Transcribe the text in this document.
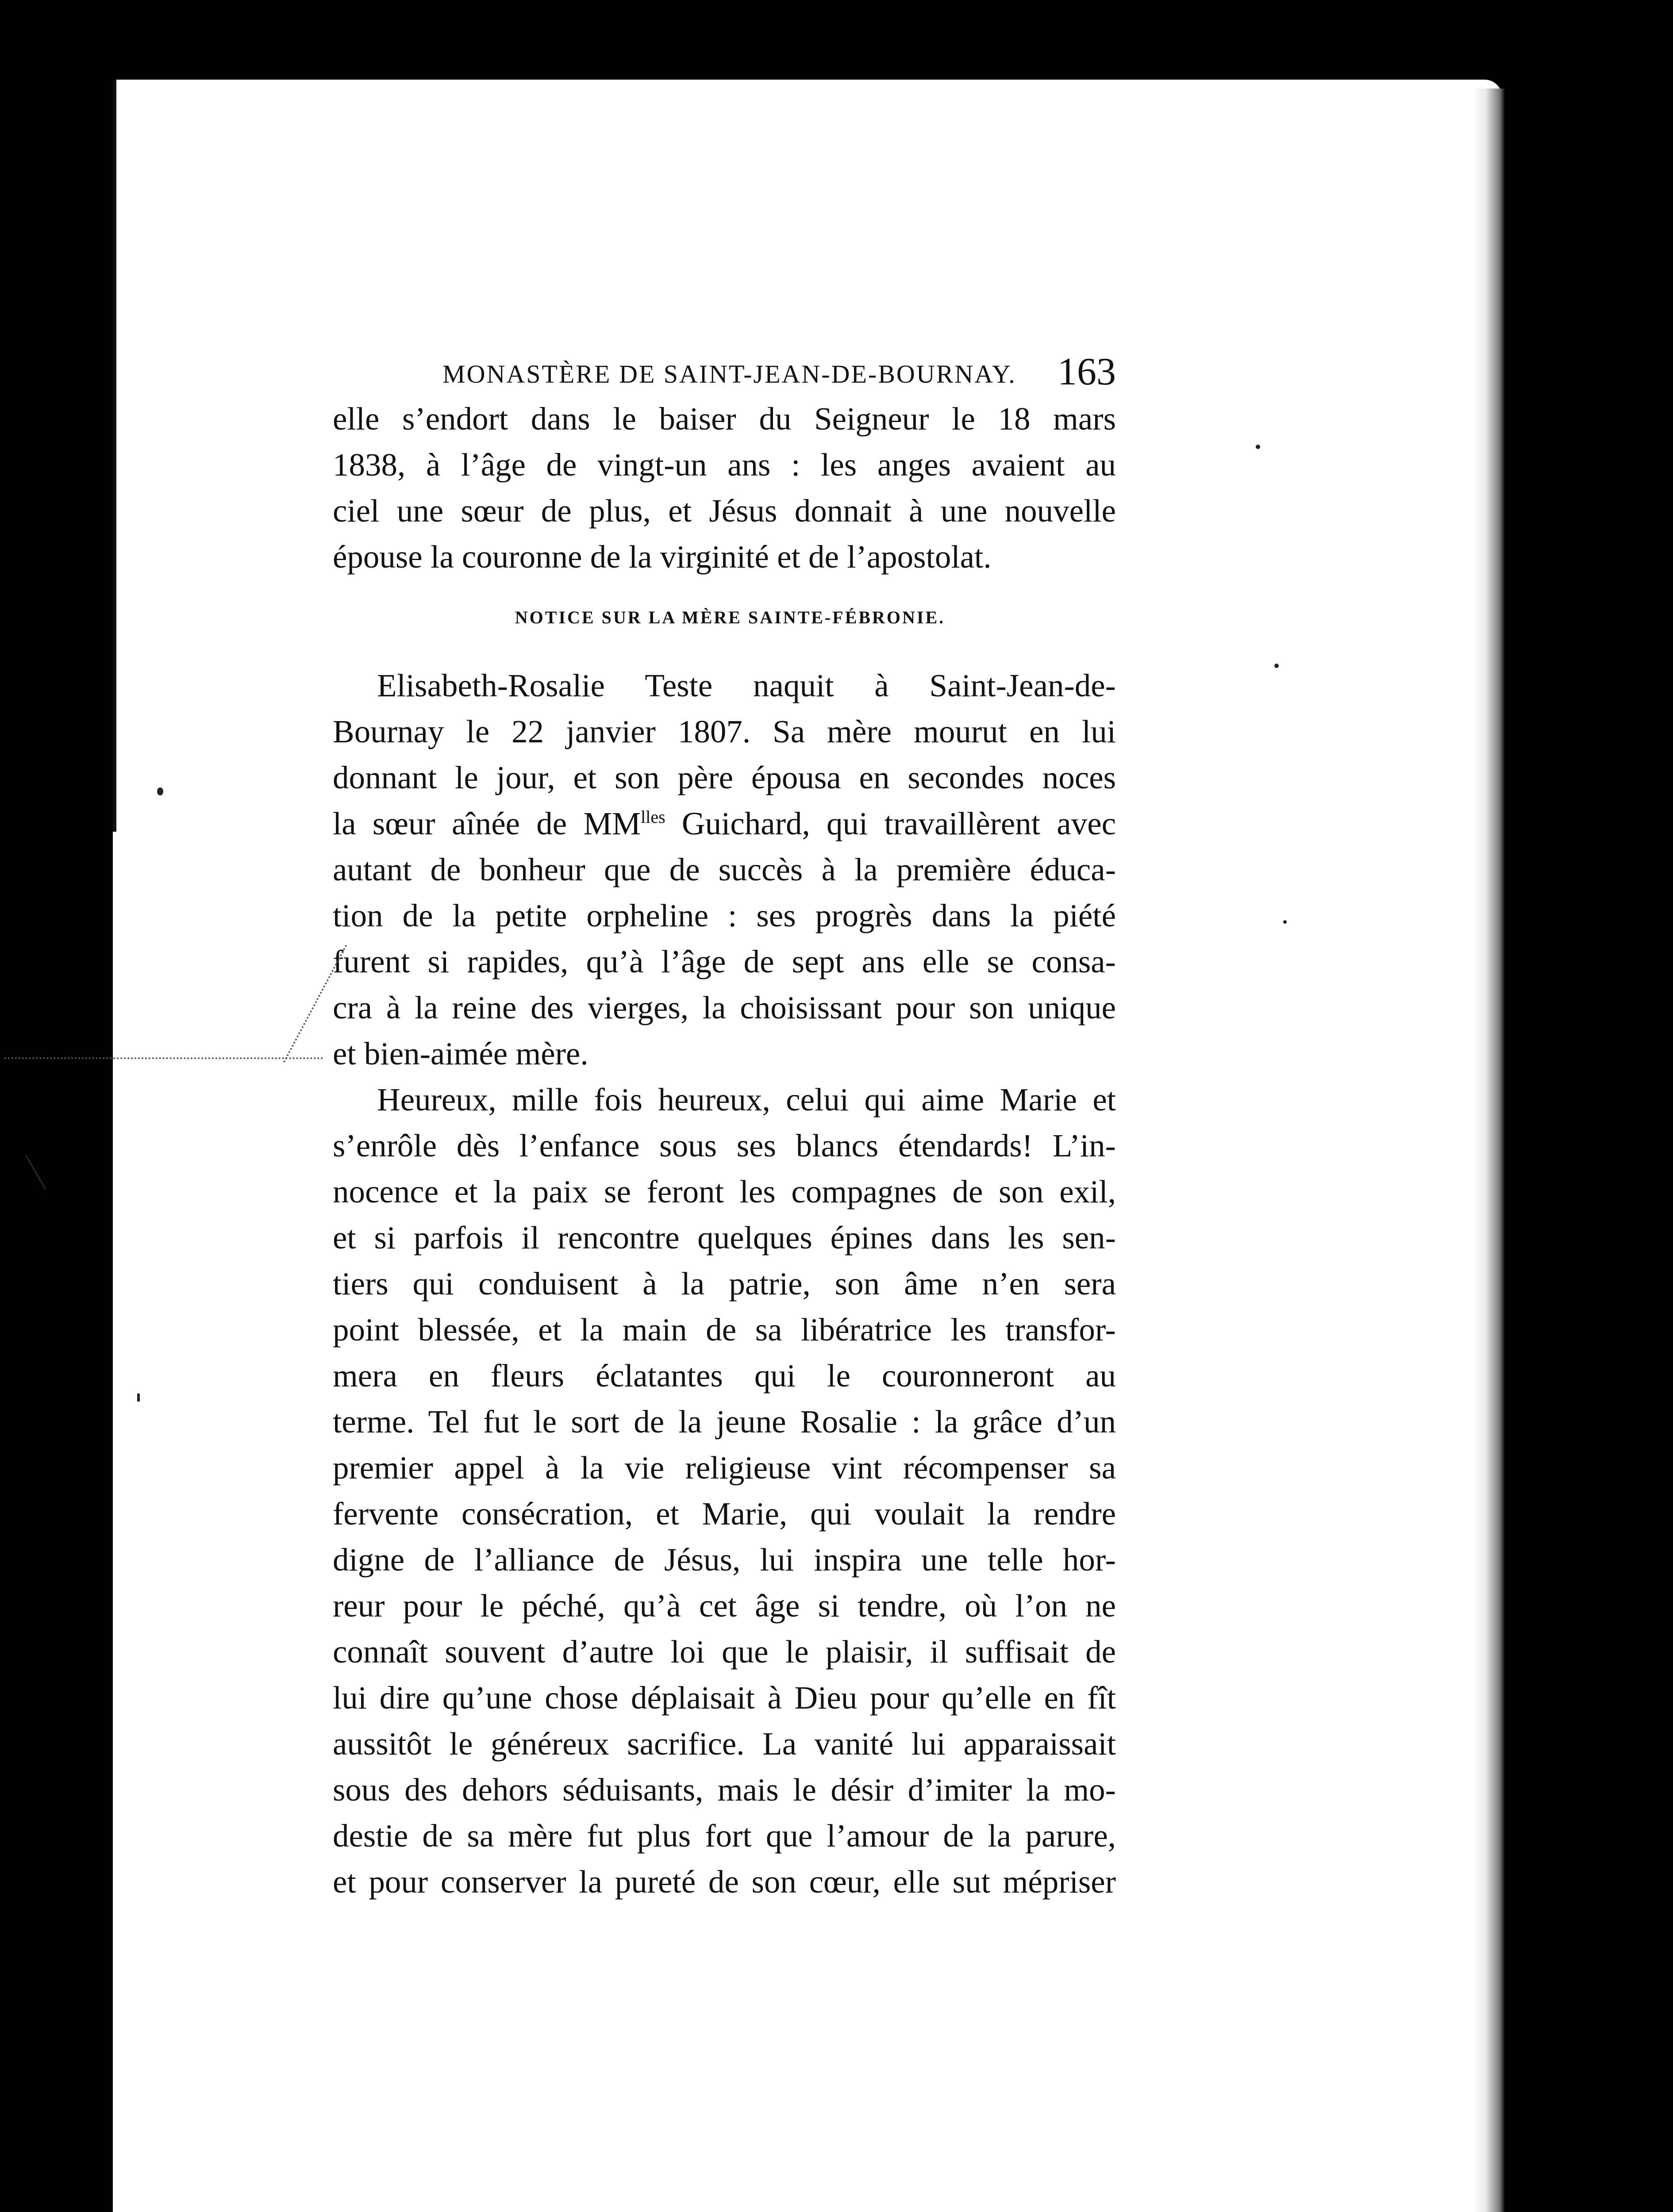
MONASTÈRE DE SAINT-JEAN-DE-BOURNAY.	163
elle s’endort dans le baiser du Seigneur le 18 mars
1838, à l’âge de vingt-un ans : les anges avaient au
ciel une sœur de plus, et Jésus donnait à une nouvelle
épouse la couronne de la virginité et de l’apostolat.
NOTICE SUR LA MÈRE SAINTE-FÉBRONIE.
Elisabeth-Rosalie Teste naquit à Saint-Jean-de-
Bournay le 22 janvier 1807. Sa mère mourut en lui
donnant le jour, et son père épousa en secondes noces
la sœur aînée de $MM^{lles}$ Guichard, qui travaillèrent avec
autant de bonheur que de succès à la première éduca-
tion de la petite orpheline : ses progrès dans la piété
furent si rapides, qu’à l’âge de sept ans elle se consa-
cra à la reine des vierges, la choisissant pour son unique
et bien-aimée mère.
Heureux, mille fois heureux, celui qui aime Marie et
s’enrôle dès l’enfance sous ses blancs étendards! L’in-
nocence et la paix se feront les compagnes de son exil,
et si parfois il rencontre quelques épines dans les sen-
tiers qui conduisent à la patrie, son âme n’en sera
point blessée, et la main de sa libératrice les transfor-
mera en fleurs éclatantes qui le couronneront au
terme. Tel fut le sort de la jeune Rosalie : la grâce d’un
premier appel à la vie religieuse vint récompenser sa
fervente consécration, et Marie, qui voulait la rendre
digne de l’alliance de Jésus, lui inspira une telle hor-
reur pour le péché, qu’à cet âge si tendre, où l’on ne
connaît souvent d’autre loi que le plaisir, il suffisait de
lui dire qu’une chose déplaisait à Dieu pour qu’elle en fît
aussitôt le généreux sacrifice. La vanité lui apparaissait
sous des dehors séduisants, mais le désir d’imiter la mo-
destie de sa mère fut plus fort que l’amour de la parure,
et pour conserver la pureté de son cœur, elle sut mépriser
